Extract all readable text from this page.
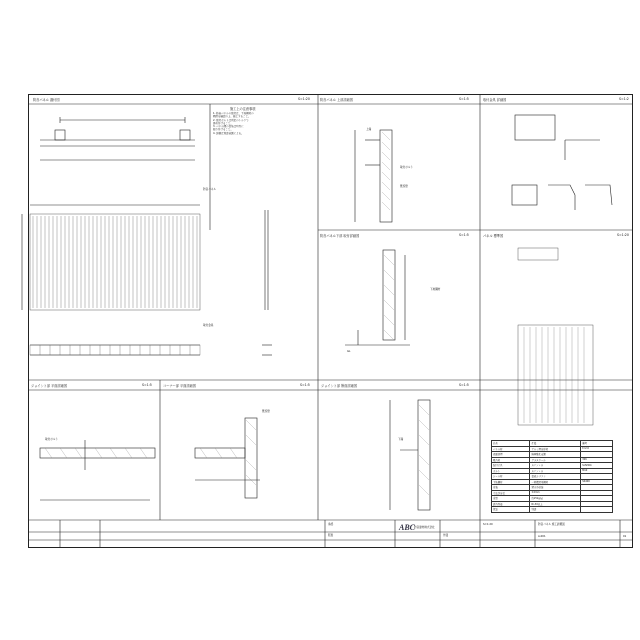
防音パネル 割付図	S=1:20
施工上の注意事項
1. 防音パネルの取付は、下地鋼材の
精度を確認の上、施工すること。
2. 取付ボルトは所定のトルクで
締め付けること。
3. パネル間の目地は均等に
割り付けること。
4. 詳細は別途協議による。
防音パネル 上部詳細図	S=1:5	取付金具 詳細図	S=1:2
防音パネル下部 取付詳細図	S=1:5	パネル 標準図	S=1:20
ジョイント部 平面詳細図	S=1:5	コーナー部 平面詳細図	S=1:5	ジョイント部 断面詳細図	S=1:5
防音パネル
取付金具
取付ボルト
既設壁
下地鋼材
上端
下端
GL
取付ボルト
既設壁
品名	仕様	備考
パネル材	アルミ押出形材	t=2.0
表面処理	陽極酸化皮膜	
吸音材	グラスウール	32K
取付金具	ステンレス	SUS304
ボルト	ステンレス	M10
シール材	変成シリコン	
下地鋼材	一般構造用鋼材	SS400
塗装	錆止め塗装	
寸法許容差	±2mm	
重量	約25kg/㎡	
遮音性能	Rr-30以上	
保証	別途	
ABC
防音建材株式会社
防音パネル 施工詳細図
A-001	01
S=1:20
承認
照査	作図
